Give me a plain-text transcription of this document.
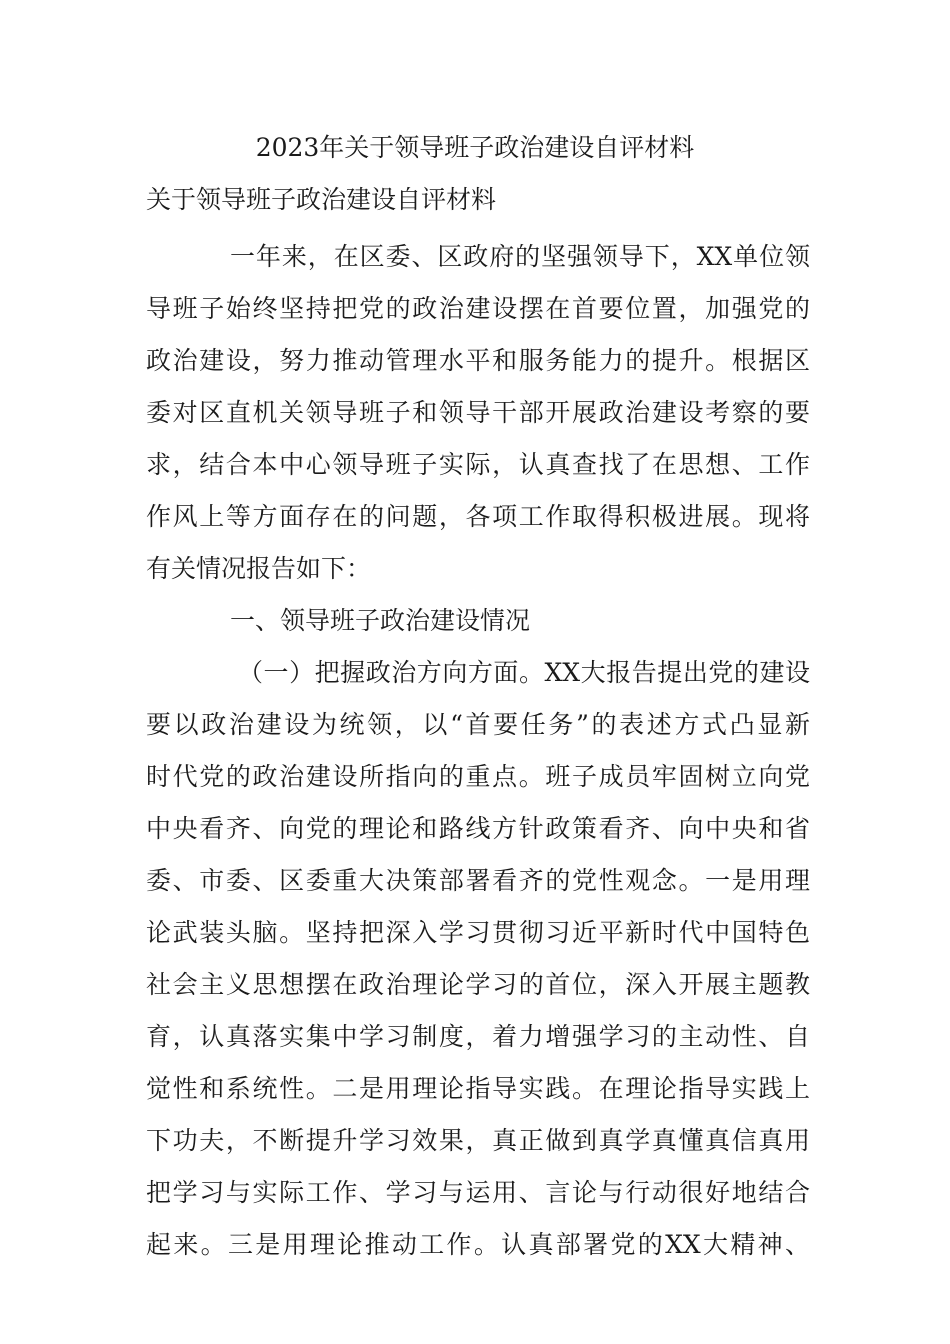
2023年关于领导班子政治建设自评材料
关于领导班子政治建设自评材料
一年来，在区委、区政府的坚强领导下，XX单位领
导班子始终坚持把党的政治建设摆在首要位置，加强党的
政治建设，努力推动管理水平和服务能力的提升。根据区
委对区直机关领导班子和领导干部开展政治建设考察的要
求，结合本中心领导班子实际，认真查找了在思想、工作
作风上等方面存在的问题，各项工作取得积极进展。现将
有关情况报告如下：
一、领导班子政治建设情况
（一）把握政治方向方面。XX大报告提出党的建设
要以政治建设为统领，以“首要任务”的表述方式凸显新
时代党的政治建设所指向的重点。班子成员牢固树立向党
中央看齐、向党的理论和路线方针政策看齐、向中央和省
委、市委、区委重大决策部署看齐的党性观念。一是用理
论武装头脑。坚持把深入学习贯彻习近平新时代中国特色
社会主义思想摆在政治理论学习的首位，深入开展主题教
育，认真落实集中学习制度，着力增强学习的主动性、自
觉性和系统性。二是用理论指导实践。在理论指导实践上
下功夫，不断提升学习效果，真正做到真学真懂真信真用
把学习与实际工作、学习与运用、言论与行动很好地结合
起来。三是用理论推动工作。认真部署党的XX大精神、
